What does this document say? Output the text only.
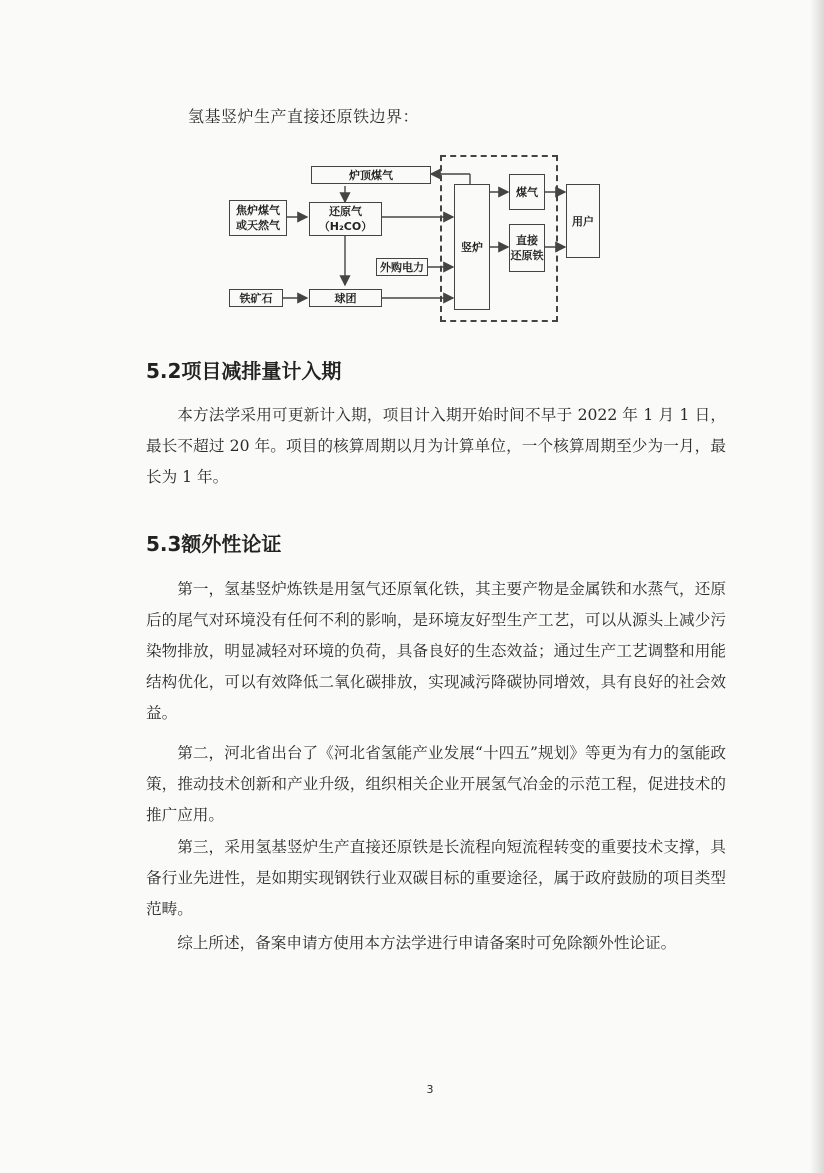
氢基竖炉生产直接还原铁边界：
炉顶煤气
焦炉煤气
或天然气
还原气
（H₂CO）
铁矿石	球团
外购电力
竖炉
煤气
直接
还原铁
用户
5.2项目减排量计入期
本方法学采用可更新计入期，项目计入期开始时间不早于 2022 年 1 月 1 日，最长不超过 20 年。项目的核算周期以月为计算单位，一个核算周期至少为一月，最长为 1 年。
5.3额外性论证
第一，氢基竖炉炼铁是用氢气还原氧化铁，其主要产物是金属铁和水蒸气，还原后的尾气对环境没有任何不利的影响，是环境友好型生产工艺，可以从源头上减少污染物排放，明显减轻对环境的负荷，具备良好的生态效益；通过生产工艺调整和用能结构优化，可以有效降低二氧化碳排放，实现减污降碳协同增效，具有良好的社会效益。
第二，河北省出台了《河北省氢能产业发展“十四五”规划》等更为有力的氢能政策，推动技术创新和产业升级，组织相关企业开展氢气冶金的示范工程，促进技术的推广应用。
第三，采用氢基竖炉生产直接还原铁是长流程向短流程转变的重要技术支撑，具备行业先进性，是如期实现钢铁行业双碳目标的重要途径，属于政府鼓励的项目类型范畴。
综上所述，备案申请方使用本方法学进行申请备案时可免除额外性论证。
3
